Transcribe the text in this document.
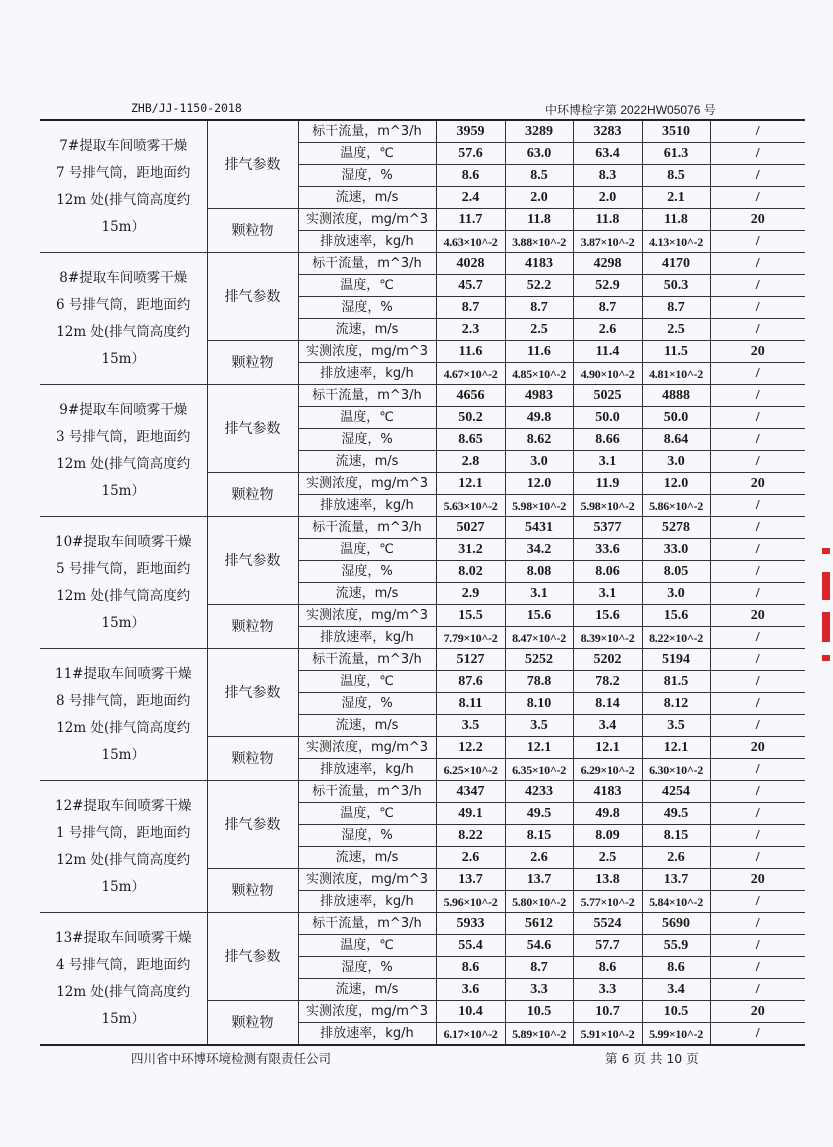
ZHB/JJ-1150-2018	中环博检字第 2022HW05076 号
7#提取车间喷雾干燥
7 号排气筒，距地面约
12m 处(排气筒高度约
15m）	排气参数	标干流量，m^3/h	3959	3289	3283	3510	/
		温度，℃	57.6	63.0	63.4	61.3	/
		湿度，%	8.6	8.5	8.3	8.5	/
		流速，m/s	2.4	2.0	2.0	2.1	/
	颗粒物	实测浓度，mg/m^3	11.7	11.8	11.8	11.8	20
		排放速率，kg/h	4.63×10^-2	3.88×10^-2	3.87×10^-2	4.13×10^-2	/

8#提取车间喷雾干燥
6 号排气筒，距地面约
12m 处(排气筒高度约
15m）	排气参数	标干流量，m^3/h	4028	4183	4298	4170	/
		温度，℃	45.7	52.2	52.9	50.3	/
		湿度，%	8.7	8.7	8.7	8.7	/
		流速，m/s	2.3	2.5	2.6	2.5	/
	颗粒物	实测浓度，mg/m^3	11.6	11.6	11.4	11.5	20
		排放速率，kg/h	4.67×10^-2	4.85×10^-2	4.90×10^-2	4.81×10^-2	/

9#提取车间喷雾干燥
3 号排气筒，距地面约
12m 处(排气筒高度约
15m）	排气参数	标干流量，m^3/h	4656	4983	5025	4888	/
		温度，℃	50.2	49.8	50.0	50.0	/
		湿度，%	8.65	8.62	8.66	8.64	/
		流速，m/s	2.8	3.0	3.1	3.0	/
	颗粒物	实测浓度，mg/m^3	12.1	12.0	11.9	12.0	20
		排放速率，kg/h	5.63×10^-2	5.98×10^-2	5.98×10^-2	5.86×10^-2	/

10#提取车间喷雾干燥
5 号排气筒，距地面约
12m 处(排气筒高度约
15m）	排气参数	标干流量，m^3/h	5027	5431	5377	5278	/
		温度，℃	31.2	34.2	33.6	33.0	/
		湿度，%	8.02	8.08	8.06	8.05	/
		流速，m/s	2.9	3.1	3.1	3.0	/
	颗粒物	实测浓度，mg/m^3	15.5	15.6	15.6	15.6	20
		排放速率，kg/h	7.79×10^-2	8.47×10^-2	8.39×10^-2	8.22×10^-2	/

11#提取车间喷雾干燥
8 号排气筒，距地面约
12m 处(排气筒高度约
15m）	排气参数	标干流量，m^3/h	5127	5252	5202	5194	/
		温度，℃	87.6	78.8	78.2	81.5	/
		湿度，%	8.11	8.10	8.14	8.12	/
		流速，m/s	3.5	3.5	3.4	3.5	/
	颗粒物	实测浓度，mg/m^3	12.2	12.1	12.1	12.1	20
		排放速率，kg/h	6.25×10^-2	6.35×10^-2	6.29×10^-2	6.30×10^-2	/

12#提取车间喷雾干燥
1 号排气筒，距地面约
12m 处(排气筒高度约
15m）	排气参数	标干流量，m^3/h	4347	4233	4183	4254	/
		温度，℃	49.1	49.5	49.8	49.5	/
		湿度，%	8.22	8.15	8.09	8.15	/
		流速，m/s	2.6	2.6	2.5	2.6	/
	颗粒物	实测浓度，mg/m^3	13.7	13.7	13.8	13.7	20
		排放速率，kg/h	5.96×10^-2	5.80×10^-2	5.77×10^-2	5.84×10^-2	/

13#提取车间喷雾干燥
4 号排气筒，距地面约
12m 处(排气筒高度约
15m）	排气参数	标干流量，m^3/h	5933	5612	5524	5690	/
		温度，℃	55.4	54.6	57.7	55.9	/
		湿度，%	8.6	8.7	8.6	8.6	/
		流速，m/s	3.6	3.3	3.3	3.4	/
	颗粒物	实测浓度，mg/m^3	10.4	10.5	10.7	10.5	20
		排放速率，kg/h	6.17×10^-2	5.89×10^-2	5.91×10^-2	5.99×10^-2	/
四川省中环博环境检测有限责任公司	第 6 页 共 10 页
